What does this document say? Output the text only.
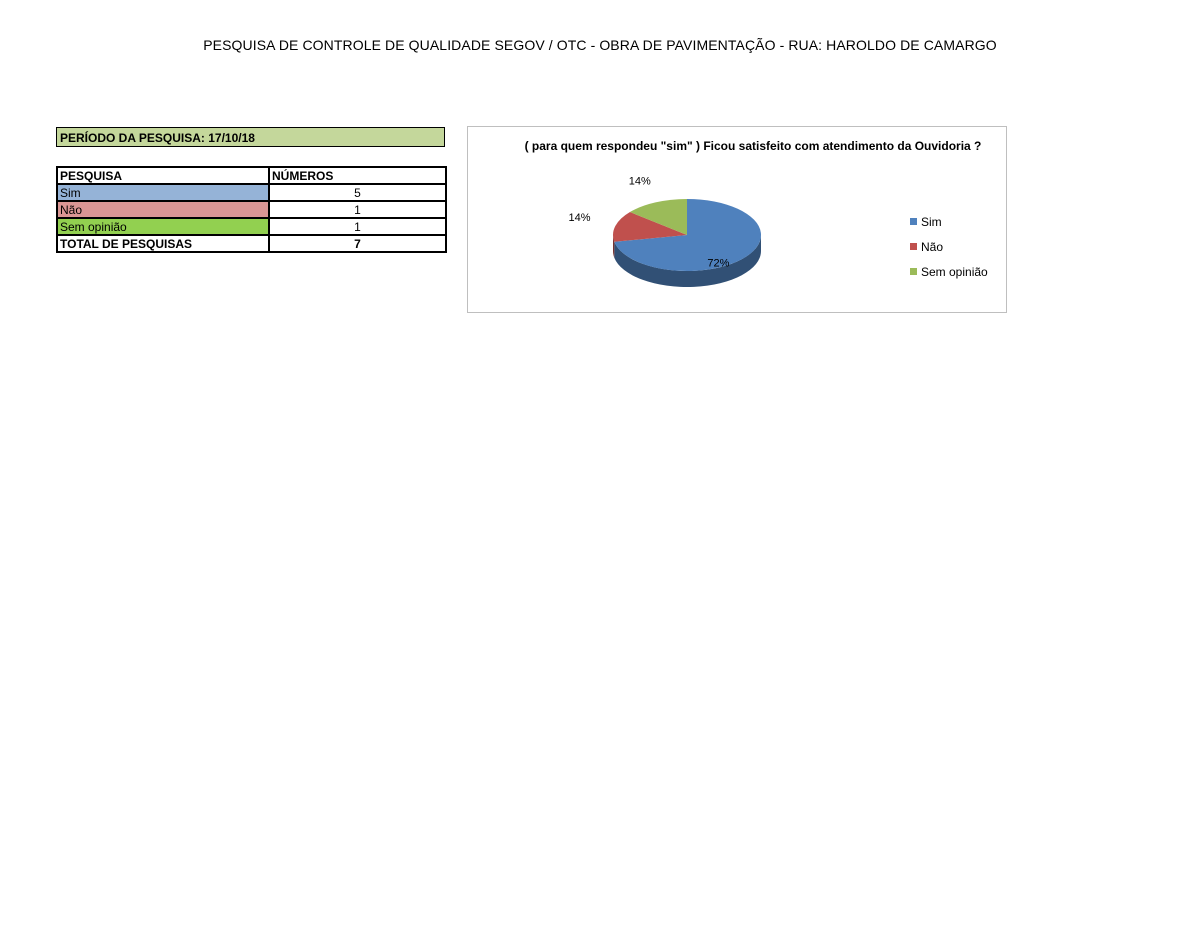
PESQUISA DE CONTROLE DE QUALIDADE SEGOV / OTC - OBRA DE PAVIMENTAÇÃO - RUA: HAROLDO DE CAMARGO
PERÍODO DA PESQUISA: 17/10/18
PESQUISA	NÚMEROS
Sim	5
Não	1
Sem opinião	1
TOTAL DE PESQUISAS	7
( para quem respondeu "sim" ) Ficou satisfeito com atendimento da Ouvidoria ?
72%
14%
14%
Sim
Não
Sem opinião
